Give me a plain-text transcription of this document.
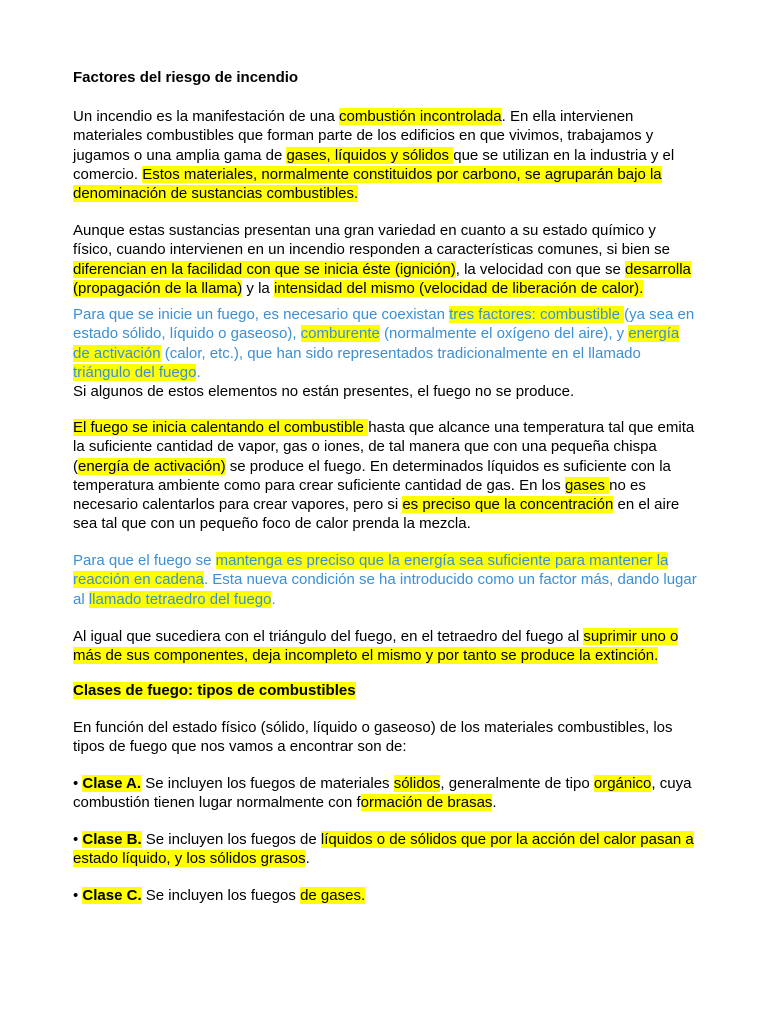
Factores del riesgo de incendio
Un incendio es la manifestación de una combustión incontrolada. En ella intervienen materiales combustibles que forman parte de los edificios en que vivimos, trabajamos y jugamos o una amplia gama de gases, líquidos y sólidos que se utilizan en la industria y el comercio. Estos materiales, normalmente constituidos por carbono, se agruparán bajo la denominación de sustancias combustibles.
Aunque estas sustancias presentan una gran variedad en cuanto a su estado químico y físico, cuando intervienen en un incendio responden a características comunes, si bien se diferencian en la facilidad con que se inicia éste (ignición), la velocidad con que se desarrolla (propagación de la llama) y la intensidad del mismo (velocidad de liberación de calor).
Para que se inicie un fuego, es necesario que coexistan tres factores: combustible (ya sea en estado sólido, líquido o gaseoso), comburente (normalmente el oxígeno del aire), y energía de activación (calor, etc.), que han sido representados tradicionalmente en el llamado triángulo del fuego.
Si algunos de estos elementos no están presentes, el fuego no se produce.
El fuego se inicia calentando el combustible hasta que alcance una temperatura tal que emita la suficiente cantidad de vapor, gas o iones, de tal manera que con una pequeña chispa (energía de activación) se produce el fuego. En determinados líquidos es suficiente con la temperatura ambiente como para crear suficiente cantidad de gas. En los gases no es necesario calentarlos para crear vapores, pero si es preciso que la concentración en el aire sea tal que con un pequeño foco de calor prenda la mezcla.
Para que el fuego se mantenga es preciso que la energía sea suficiente para mantener la reacción en cadena. Esta nueva condición se ha introducido como un factor más, dando lugar al llamado tetraedro del fuego.
Al igual que sucediera con el triángulo del fuego, en el tetraedro del fuego al suprimir uno o más de sus componentes, deja incompleto el mismo y por tanto se produce la extinción.
Clases de fuego: tipos de combustibles
En función del estado físico (sólido, líquido o gaseoso) de los materiales combustibles, los tipos de fuego que nos vamos a encontrar son de:
• Clase A. Se incluyen los fuegos de materiales sólidos, generalmente de tipo orgánico, cuya combustión tienen lugar normalmente con formación de brasas.
• Clase B. Se incluyen los fuegos de líquidos o de sólidos que por la acción del calor pasan a estado líquido, y los sólidos grasos.
• Clase C. Se incluyen los fuegos de gases.
